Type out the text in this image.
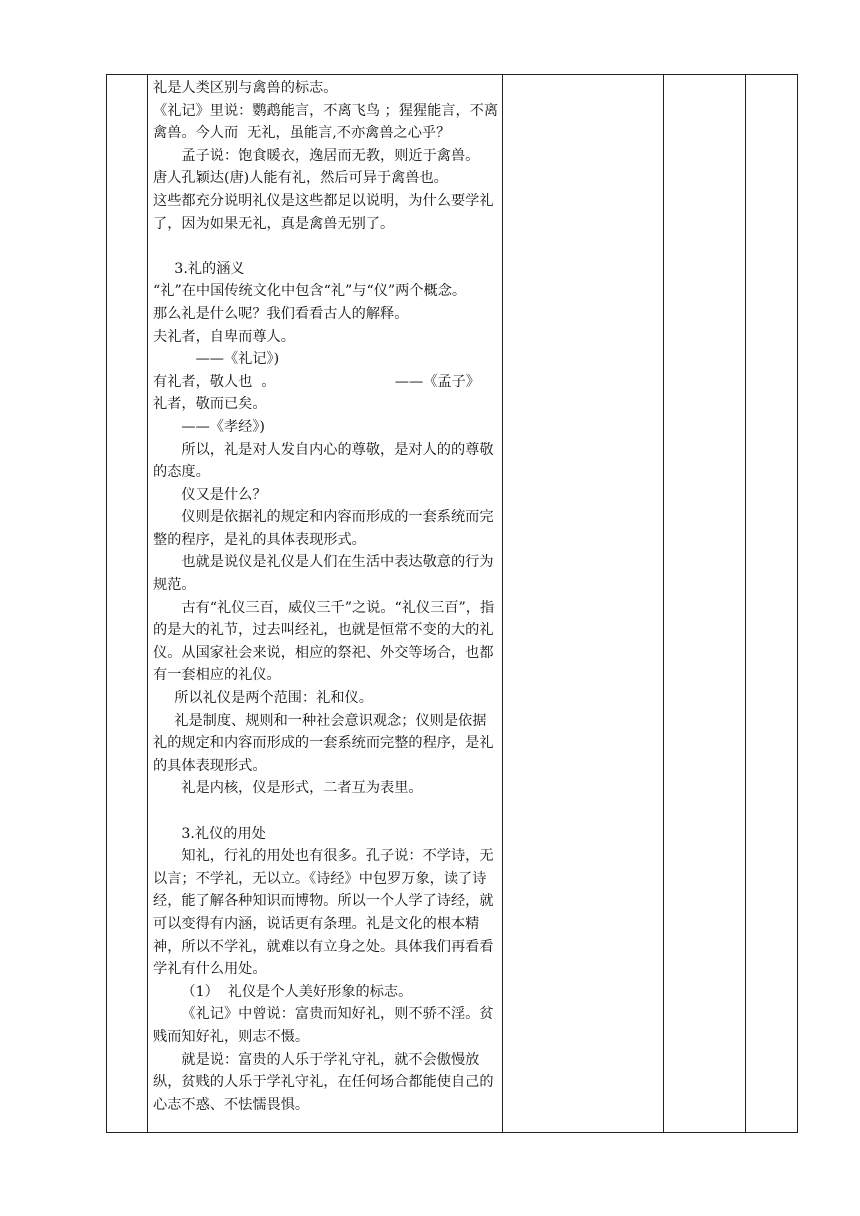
礼是人类区别与禽兽的标志。
《礼记》里说：鹦鹉能言，不离飞鸟 ；猩猩能言，不离禽兽。今人而  无礼，虽能言,不亦禽兽之心乎？
孟子说：饱食暖衣，逸居而无教，则近于禽兽。
唐人孔颖达(唐)人能有礼，然后可异于禽兽也。
这些都充分说明礼仪是这些都足以说明，为什么要学礼了，因为如果无礼，真是禽兽无别了。
3.礼的涵义
“礼”在中国传统文化中包含“礼”与“仪”两个概念。
那么礼是什么呢？我们看看古人的解释。
夫礼者，自卑而尊人。
——《礼记》)
有礼者，敬人也  。	——《孟子》
礼者，敬而已矣。
——《孝经》)
所以，礼是对人发自内心的尊敬，是对人的的尊敬的态度。
仪又是什么？
仪则是依据礼的规定和内容而形成的一套系统而完整的程序，是礼的具体表现形式。
也就是说仪是礼仪是人们在生活中表达敬意的行为规范。
古有“礼仪三百，威仪三千”之说。“礼仪三百”，指的是大的礼节，过去叫经礼，也就是恒常不变的大的礼仪。从国家社会来说，相应的祭祀、外交等场合，也都有一套相应的礼仪。
所以礼仪是两个范围：礼和仪。
礼是制度、规则和一种社会意识观念；仪则是依据礼的规定和内容而形成的一套系统而完整的程序，是礼的具体表现形式。
礼是内核，仪是形式，二者互为表里。
3.礼仪的用处
知礼，行礼的用处也有很多。孔子说：不学诗，无以言；不学礼，无以立。《诗经》中包罗万象，读了诗经，能了解各种知识而博物。所以一个人学了诗经，就可以变得有内涵，说话更有条理。礼是文化的根本精神，所以不学礼，就难以有立身之处。具体我们再看看学礼有什么用处。
（1）  礼仪是个人美好形象的标志。
《礼记》中曾说：富贵而知好礼，则不骄不淫。贫贱而知好礼，则志不慑。
就是说：富贵的人乐于学礼守礼，就不会傲慢放纵，贫贱的人乐于学礼守礼，在任何场合都能使自己的心志不惑、不怯懦畏惧。
